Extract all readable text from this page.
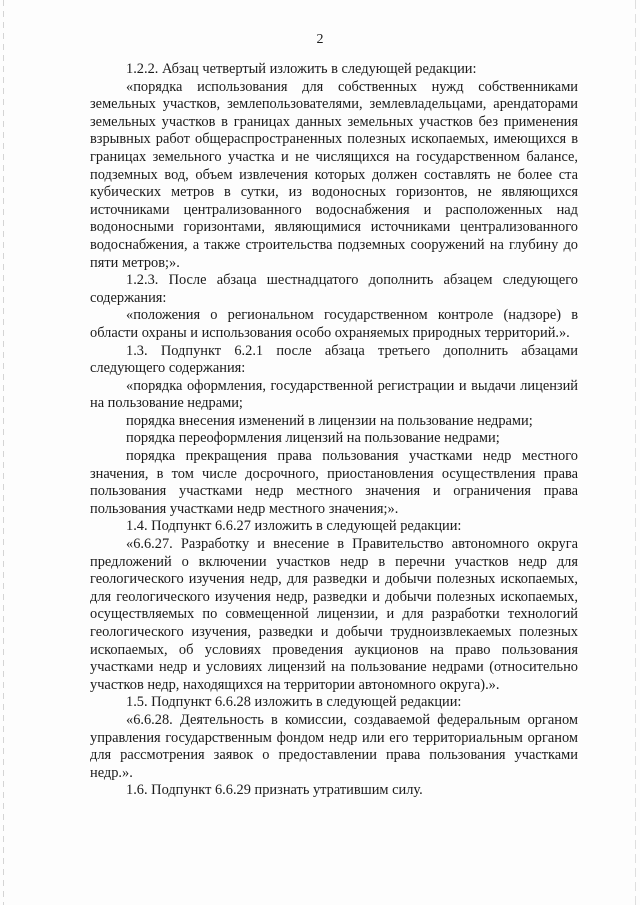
2

1.2.2. Абзац четвертый изложить в следующей редакции:

«порядка использования для собственных нужд собственниками земельных участков, землепользователями, землевладельцами, арендаторами земельных участков в границах данных земельных участков без применения взрывных работ общераспространенных полезных ископаемых, имеющихся в границах земельного участка и не числящихся на государственном балансе, подземных вод, объем извлечения которых должен составлять не более ста кубических метров в сутки, из водоносных горизонтов, не являющихся источниками централизованного водоснабжения и расположенных над водоносными горизонтами, являющимися источниками централизованного водоснабжения, а также строительства подземных сооружений на глубину до пяти метров;».

1.2.3. После абзаца шестнадцатого дополнить абзацем следующего содержания:

«положения о региональном государственном контроле (надзоре) в области охраны и использования особо охраняемых природных территорий.».

1.3. Подпункт 6.2.1 после абзаца третьего дополнить абзацами следующего содержания:

«порядка оформления, государственной регистрации и выдачи лицензий на пользование недрами;

порядка внесения изменений в лицензии на пользование недрами;

порядка переоформления лицензий на пользование недрами;

порядка прекращения права пользования участками недр местного значения, в том числе досрочного, приостановления осуществления права пользования участками недр местного значения и ограничения права пользования участками недр местного значения;».

1.4. Подпункт 6.6.27 изложить в следующей редакции:

«6.6.27. Разработку и внесение в Правительство автономного округа предложений о включении участков недр в перечни участков недр для геологического изучения недр, для разведки и добычи полезных ископаемых, для геологического изучения недр, разведки и добычи полезных ископаемых, осуществляемых по совмещенной лицензии, и для разработки технологий геологического изучения, разведки и добычи трудноизвлекаемых полезных ископаемых, об условиях проведения аукционов на право пользования участками недр и условиях лицензий на пользование недрами (относительно участков недр, находящихся на территории автономного округа).».

1.5. Подпункт 6.6.28 изложить в следующей редакции:

«6.6.28. Деятельность в комиссии, создаваемой федеральным органом управления государственным фондом недр или его территориальным органом для рассмотрения заявок о предоставлении права пользования участками недр.».

1.6. Подпункт 6.6.29 признать утратившим силу.
